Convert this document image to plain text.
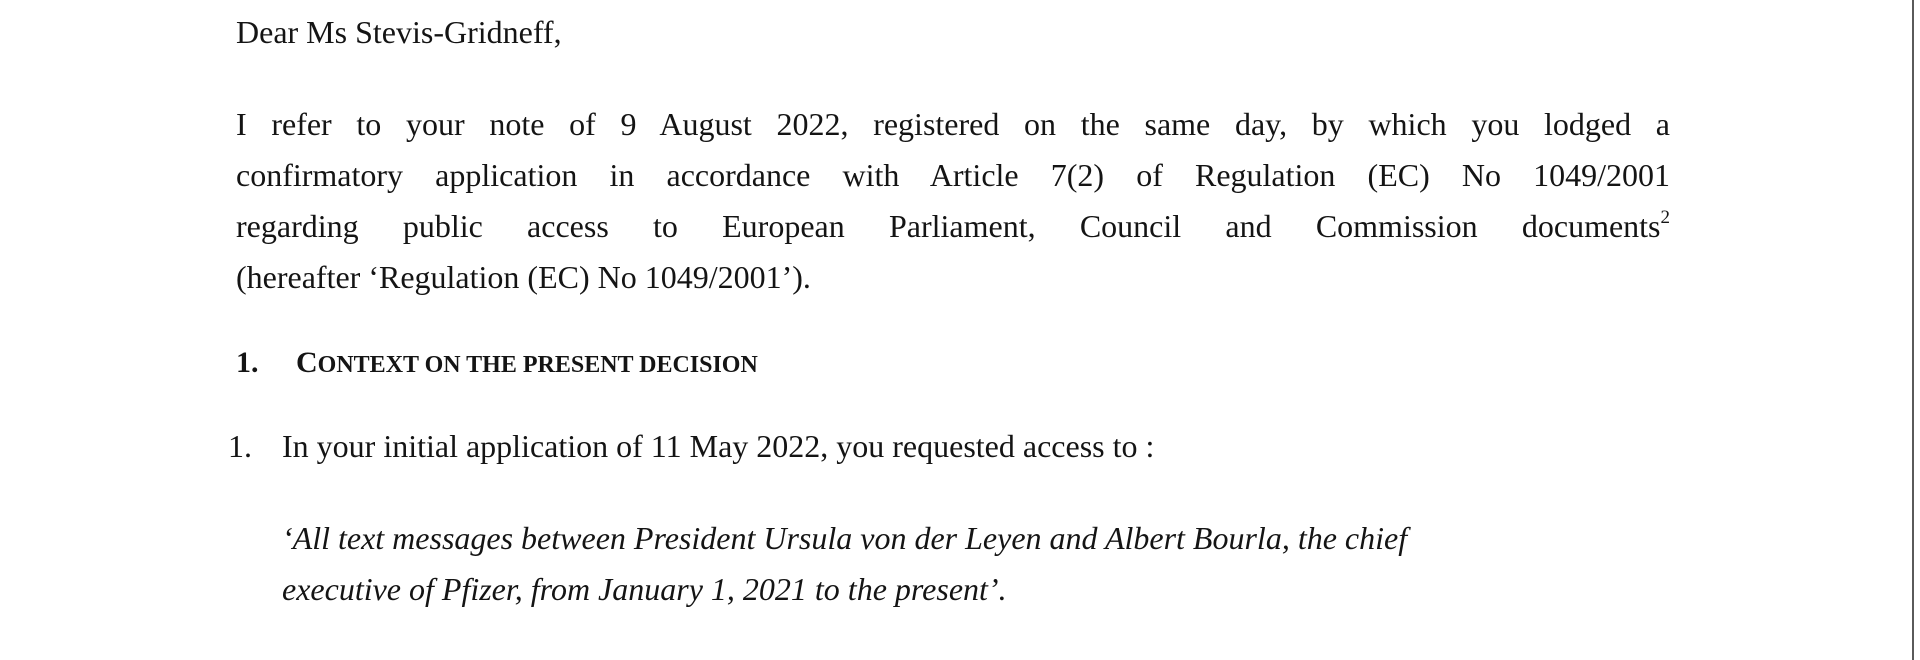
Dear Ms Stevis-Gridneff,
I refer to your note of 9 August 2022, registered on the same day, by which you lodged a
confirmatory application in accordance with Article 7(2) of Regulation (EC) No 1049/2001
regarding public access to European Parliament, Council and Commission documents$^2$
(hereafter ‘Regulation (EC) No 1049/2001’).
1. CONTEXT ON THE PRESENT DECISION
1. In your initial application of 11 May 2022, you requested access to :
‘All text messages between President Ursula von der Leyen and Albert Bourla, the chief
executive of Pfizer, from January 1, 2021 to the present’.
